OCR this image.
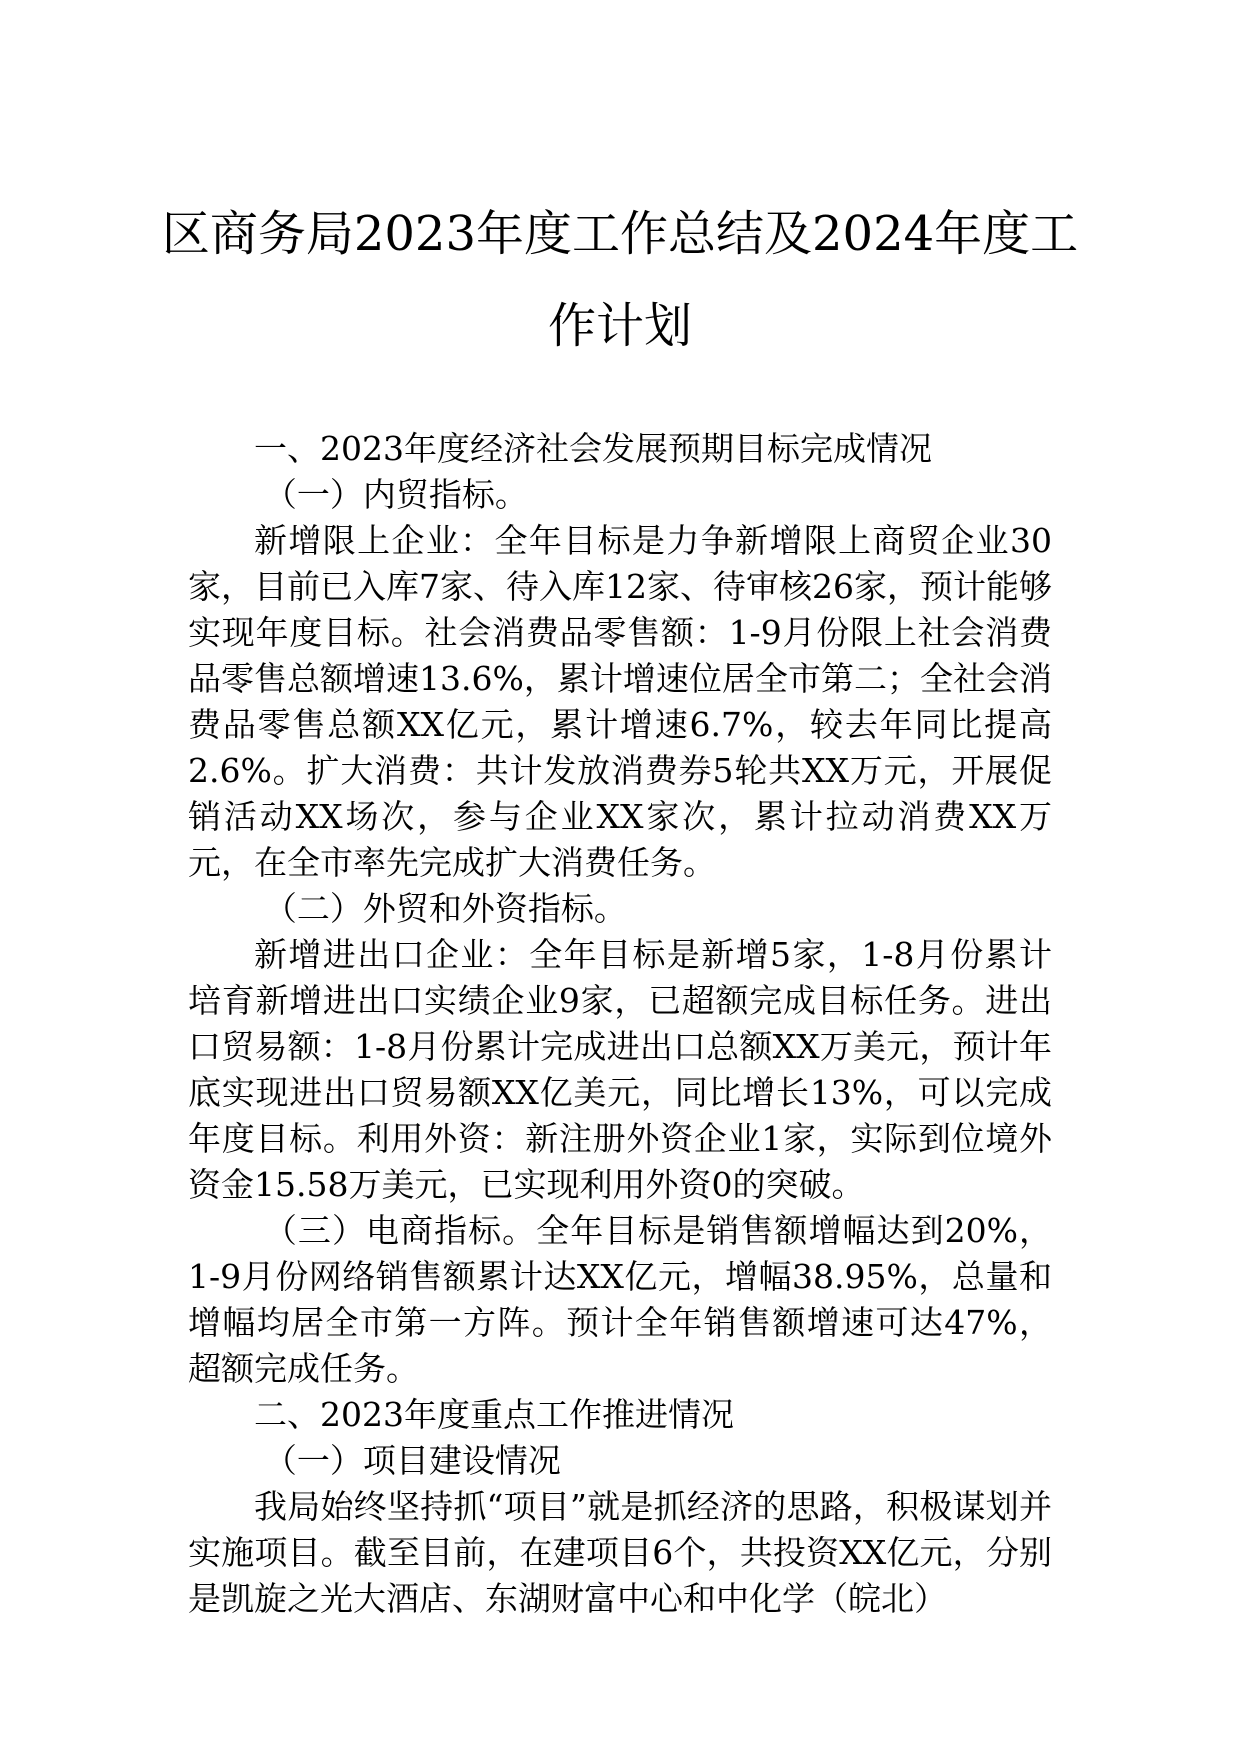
区商务局2023年度工作总结及2024年度工
作计划

一、2023年度经济社会发展预期目标完成情况

（一）内贸指标。

新增限上企业：全年目标是力争新增限上商贸企业30家，目前已入库7家、待入库12家、待审核26家，预计能够实现年度目标。社会消费品零售额：1-9月份限上社会消费品零售总额增速13.6%，累计增速位居全市第二；全社会消费品零售总额XX亿元，累计增速6.7%，较去年同比提高2.6%。扩大消费：共计发放消费券5轮共XX万元，开展促销活动XX场次，参与企业XX家次，累计拉动消费XX万元，在全市率先完成扩大消费任务。

（二）外贸和外资指标。

新增进出口企业：全年目标是新增5家，1-8月份累计培育新增进出口实绩企业9家，已超额完成目标任务。进出口贸易额：1-8月份累计完成进出口总额XX万美元，预计年底实现进出口贸易额XX亿美元，同比增长13%，可以完成年度目标。利用外资：新注册外资企业1家，实际到位境外资金15.58万美元，已实现利用外资0的突破。

（三）电商指标。全年目标是销售额增幅达到20%，1-9月份网络销售额累计达XX亿元，增幅38.95%，总量和增幅均居全市第一方阵。预计全年销售额增速可达47%，超额完成任务。

二、2023年度重点工作推进情况

（一）项目建设情况

我局始终坚持抓“项目”就是抓经济的思路，积极谋划并实施项目。截至目前，在建项目6个，共投资XX亿元，分别是凯旋之光大酒店、东湖财富中心和中化学（皖北）
